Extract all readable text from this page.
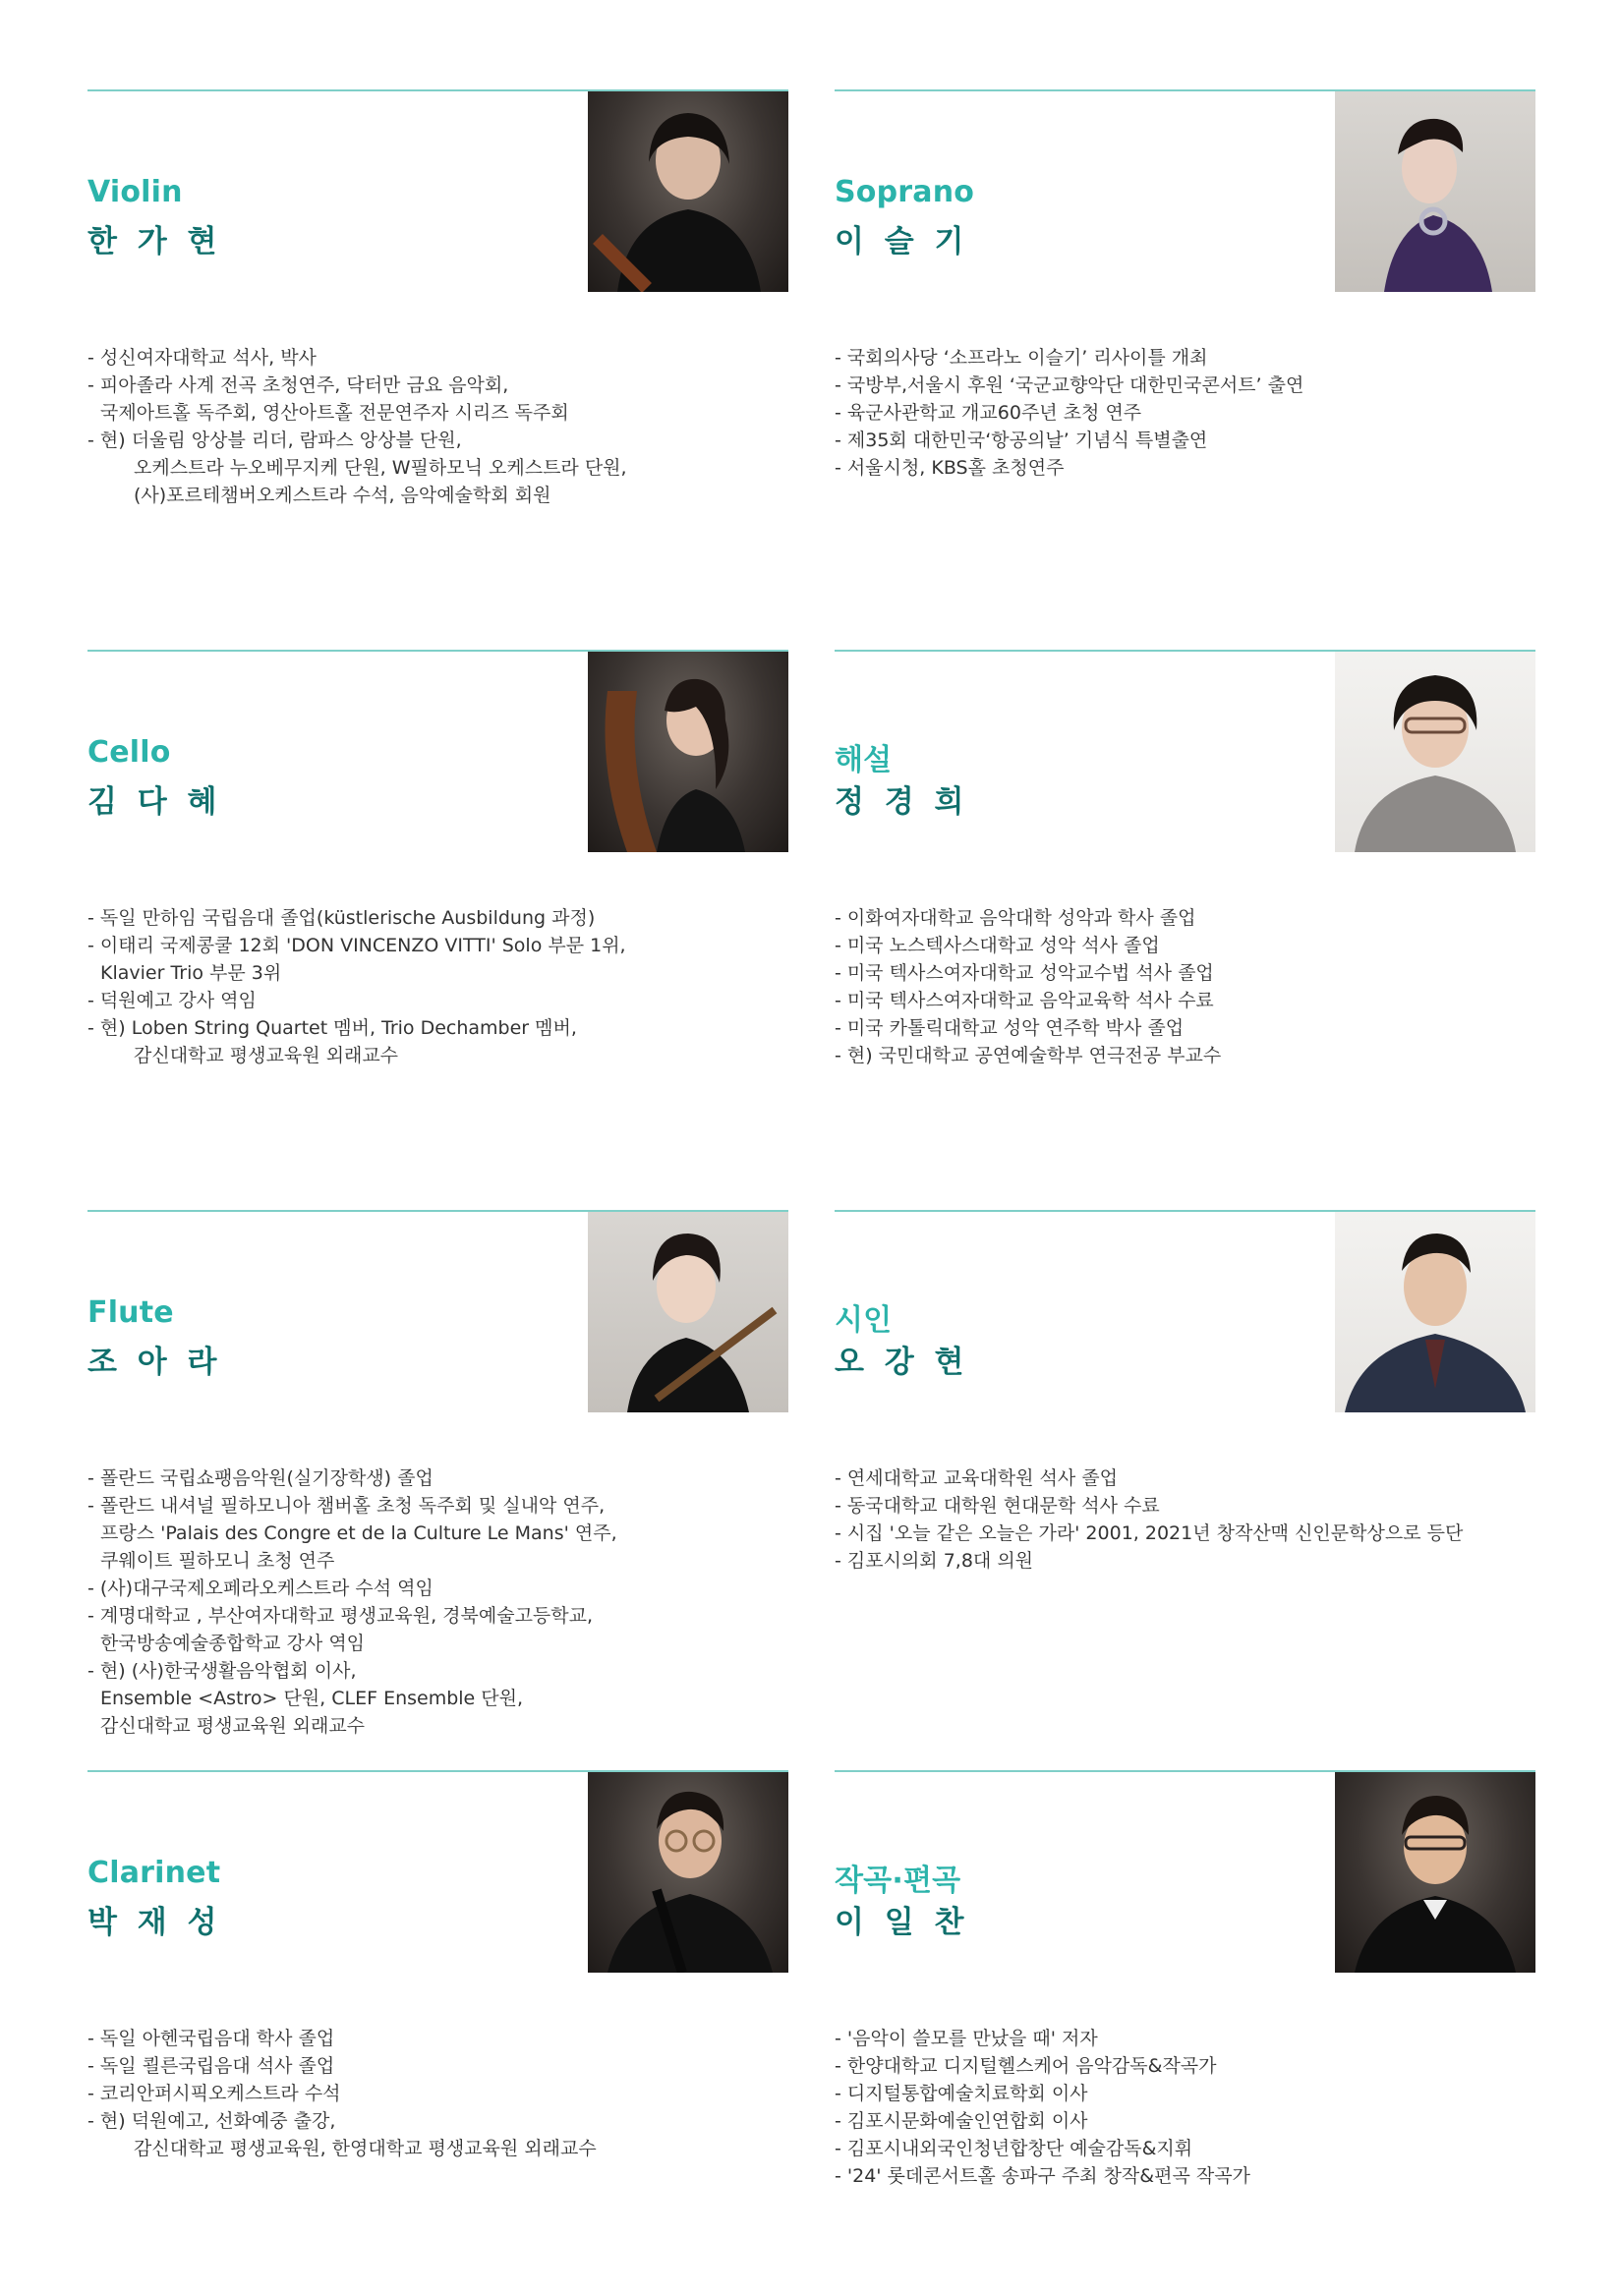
Violin
한 가 현
- 성신여자대학교 석사, 박사
- 피아졸라 사계 전곡 초청연주, 닥터만 금요 음악회,
국제아트홀 독주회, 영산아트홀 전문연주자 시리즈 독주회
- 현) 더울림 앙상블 리더, 람파스 앙상블 단원,
오케스트라 누오베무지케 단원, W필하모닉 오케스트라 단원,
(사)포르테챔버오케스트라 수석, 음악예술학회 회원
Soprano
이 슬 기
- 국회의사당 ‘소프라노 이슬기’ 리사이틀 개최
- 국방부,서울시 후원 ‘국군교향악단 대한민국콘서트’ 출연
- 육군사관학교 개교60주년 초청 연주
- 제35회 대한민국‘항공의날’ 기념식 특별출연
- 서울시청, KBS홀 초청연주
Cello
김 다 혜
- 독일 만하임 국립음대 졸업(küstlerische Ausbildung 과정)
- 이태리 국제콩쿨 12회 'DON VINCENZO VITTI' Solo 부문 1위,
Klavier Trio 부문 3위
- 덕원예고 강사 역임
- 현) Loben String Quartet 멤버, Trio Dechamber 멤버,
감신대학교 평생교육원 외래교수
해설
정 경 희
- 이화여자대학교 음악대학 성악과 학사 졸업
- 미국 노스텍사스대학교 성악 석사 졸업
- 미국 텍사스여자대학교 성악교수법 석사 졸업
- 미국 텍사스여자대학교 음악교육학 석사 수료
- 미국 카톨릭대학교 성악 연주학 박사 졸업
- 현) 국민대학교 공연예술학부 연극전공 부교수
Flute
조 아 라
- 폴란드 국립쇼팽음악원(실기장학생) 졸업
- 폴란드 내셔널 필하모니아 챔버홀 초청 독주회 및 실내악 연주,
프랑스 'Palais des Congre et de la Culture Le Mans' 연주,
쿠웨이트 필하모니 초청 연주
- (사)대구국제오페라오케스트라 수석 역임
- 계명대학교 , 부산여자대학교 평생교육원, 경북예술고등학교,
한국방송예술종합학교 강사 역임
- 현) (사)한국생활음악협회 이사,
Ensemble <Astro> 단원, CLEF Ensemble 단원,
감신대학교 평생교육원 외래교수
시인
오 강 현
- 연세대학교 교육대학원 석사 졸업
- 동국대학교 대학원 현대문학 석사 수료
- 시집 '오늘 같은 오늘은 가라' 2001, 2021년 창작산맥 신인문학상으로 등단
- 김포시의회 7,8대 의원
Clarinet
박 재 성
- 독일 아헨국립음대 학사 졸업
- 독일 쾰른국립음대 석사 졸업
- 코리안퍼시픽오케스트라 수석
- 현) 덕원예고, 선화예중 출강,
감신대학교 평생교육원, 한영대학교 평생교육원 외래교수
작곡·편곡
이 일 찬
- '음악이 쓸모를 만났을 때' 저자
- 한양대학교 디지털헬스케어 음악감독&작곡가
- 디지털통합예술치료학회 이사
- 김포시문화예술인연합회 이사
- 김포시내외국인청년합창단 예술감독&지휘
- '24' 롯데콘서트홀 송파구 주최 창작&편곡 작곡가
